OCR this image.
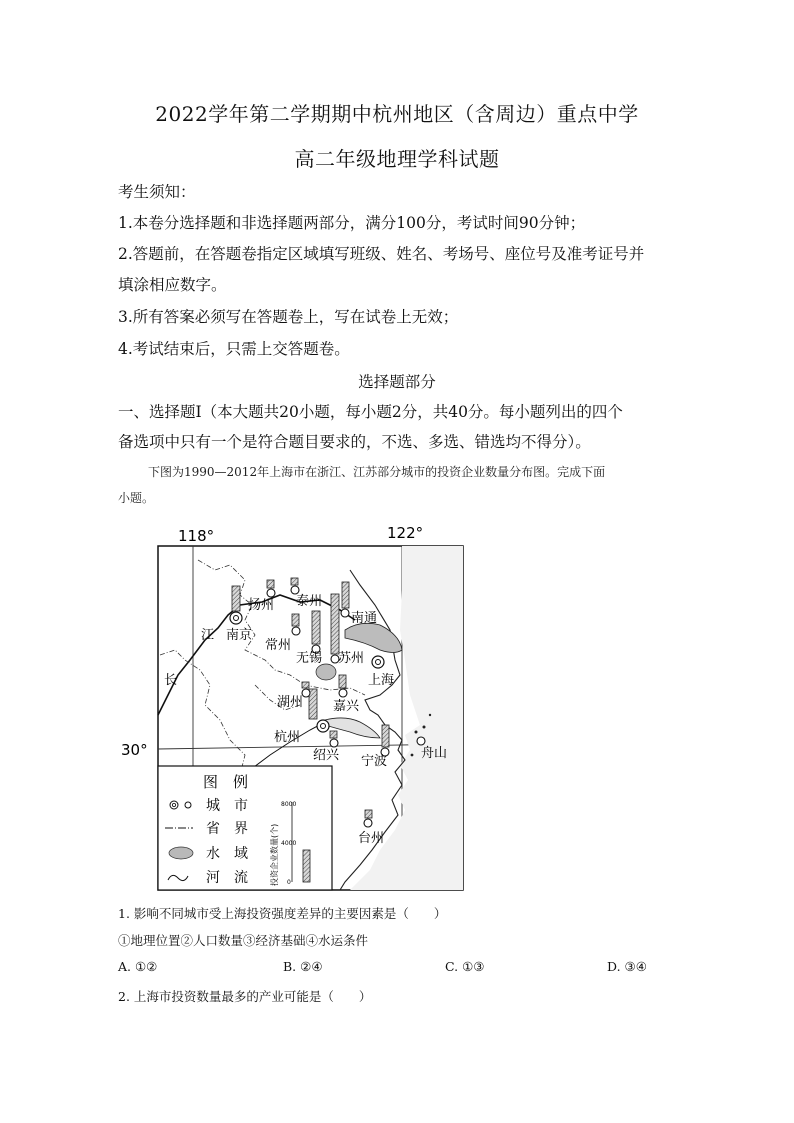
2022学年第二学期期中杭州地区（含周边）重点中学
高二年级地理学科试题
考生须知：
1.本卷分选择题和非选择题两部分，满分100分，考试时间90分钟；
2.答题前，在答题卷指定区域填写班级、姓名、考场号、座位号及准考证号并
填涂相应数字。
3.所有答案必须写在答题卷上，写在试卷上无效；
4.考试结束后，只需上交答题卷。
选择题部分
一、选择题Ⅰ（本大题共20小题，每小题2分，共40分。每小题列出的四个
备选项中只有一个是符合题目要求的，不选、多选、错选均不得分）。
下图为1990—2012年上海市在浙江、江苏部分城市的投资企业数量分布图。完成下面
小题。
118°	122°
30°
扬州 泰州
南京
南通
常州
无锡 苏州
上海
湖州 嘉兴
杭州
绍兴 宁波
舟山
台州
江
长
图　例
城　市
省　界
水　域
河　流	投资企业数量(个)
8000
4000
0
1. 影响不同城市受上海投资强度差异的主要因素是（　　）
①地理位置②人口数量③经济基础④水运条件
A. ①②	B. ②④	C. ①③	D. ③④
2. 上海市投资数量最多的产业可能是（　　）
